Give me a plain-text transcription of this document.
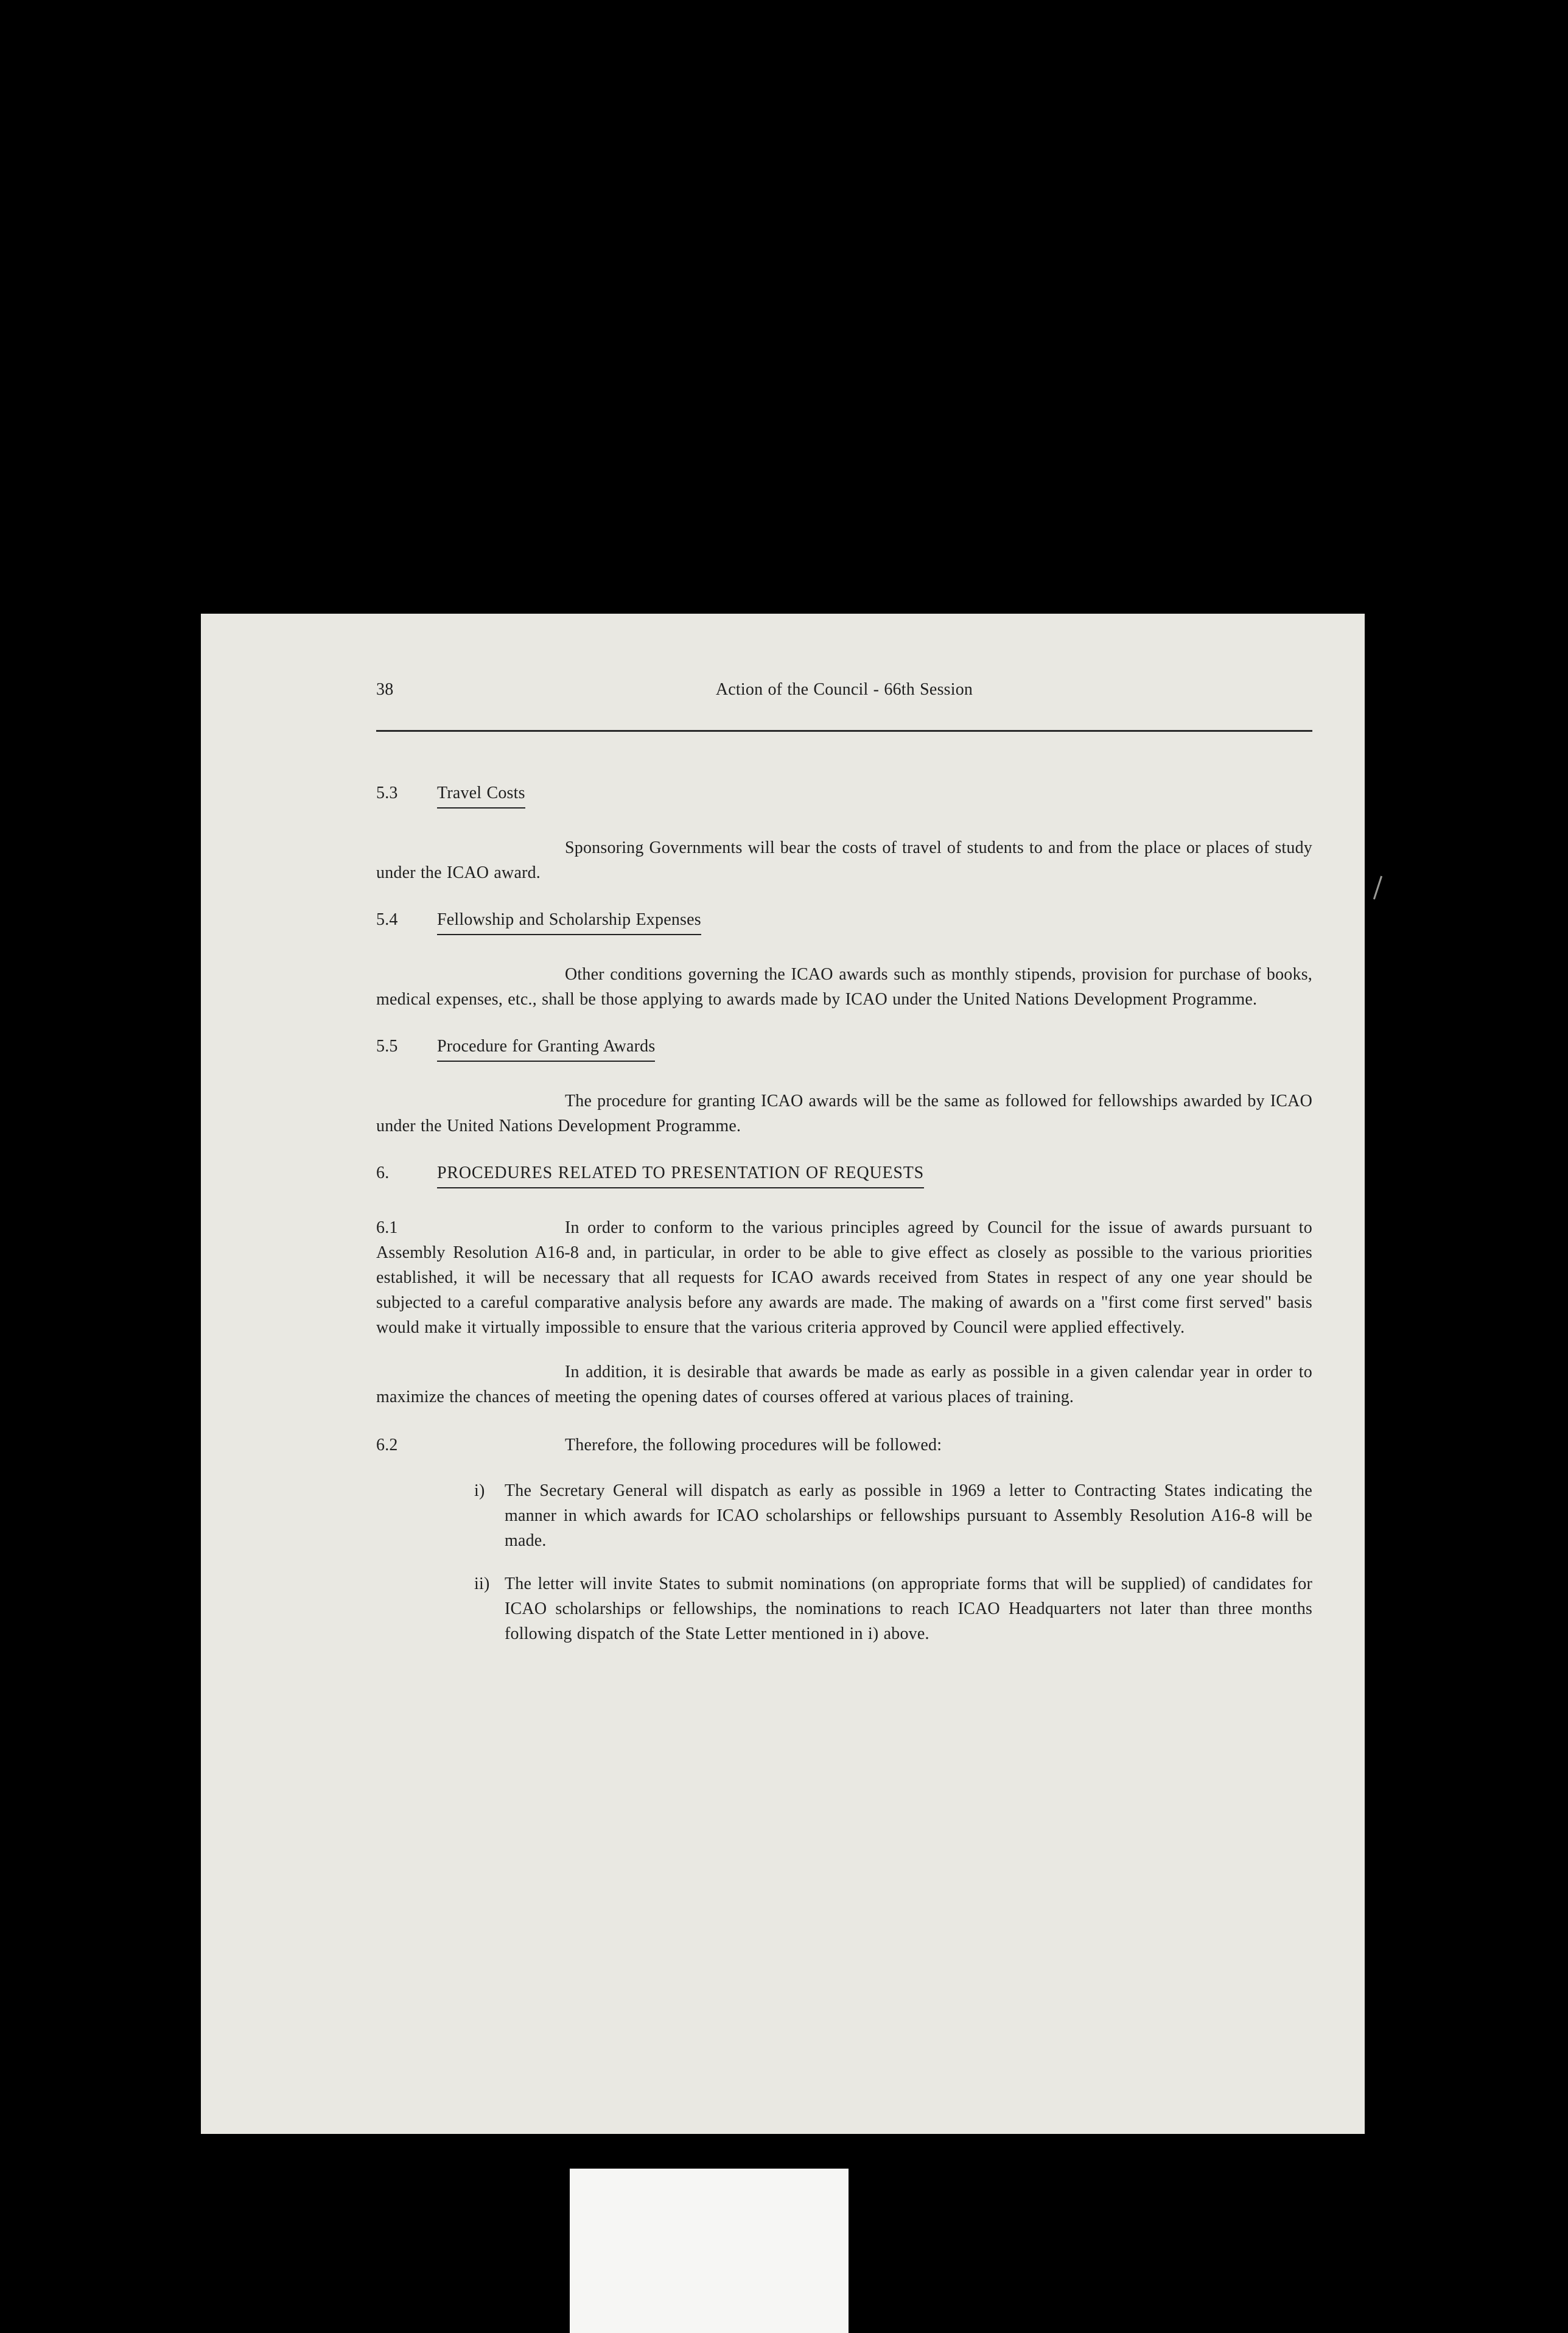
38	Action of the Council - 66th Session
5.3	Travel Costs

Sponsoring Governments will bear the costs of travel of students to and from the place or places of study under the ICAO award.

5.4	Fellowship and Scholarship Expenses

Other conditions governing the ICAO awards such as monthly stipends, provision for purchase of books, medical expenses, etc., shall be those applying to awards made by ICAO under the United Nations Development Programme.

5.5	Procedure for Granting Awards

The procedure for granting ICAO awards will be the same as followed for fellowships awarded by ICAO under the United Nations Development Programme.

6.	PROCEDURES RELATED TO PRESENTATION OF REQUESTS
6.1	In order to conform to the various principles agreed by Council for the issue of awards pursuant to Assembly Resolution A16-8 and, in particular, in order to be able to give effect as closely as possible to the various priorities established, it will be necessary that all requests for ICAO awards received from States in respect of any one year should be subjected to a careful comparative analysis before any awards are made. The making of awards on a "first come first served" basis would make it virtually impossible to ensure that the various criteria approved by Council were applied effectively.

In addition, it is desirable that awards be made as early as possible in a given calendar year in order to maximize the chances of meeting the opening dates of courses offered at various places of training.

6.2	Therefore, the following procedures will be followed:

i) The Secretary General will dispatch as early as possible in 1969 a letter to Contracting States indicating the manner in which awards for ICAO scholarships or fellowships pursuant to Assembly Resolution A16-8 will be made.

ii) The letter will invite States to submit nominations (on appropriate forms that will be supplied) of candidates for ICAO scholarships or fellowships, the nominations to reach ICAO Headquarters not later than three months following dispatch of the State Letter mentioned in i) above.
